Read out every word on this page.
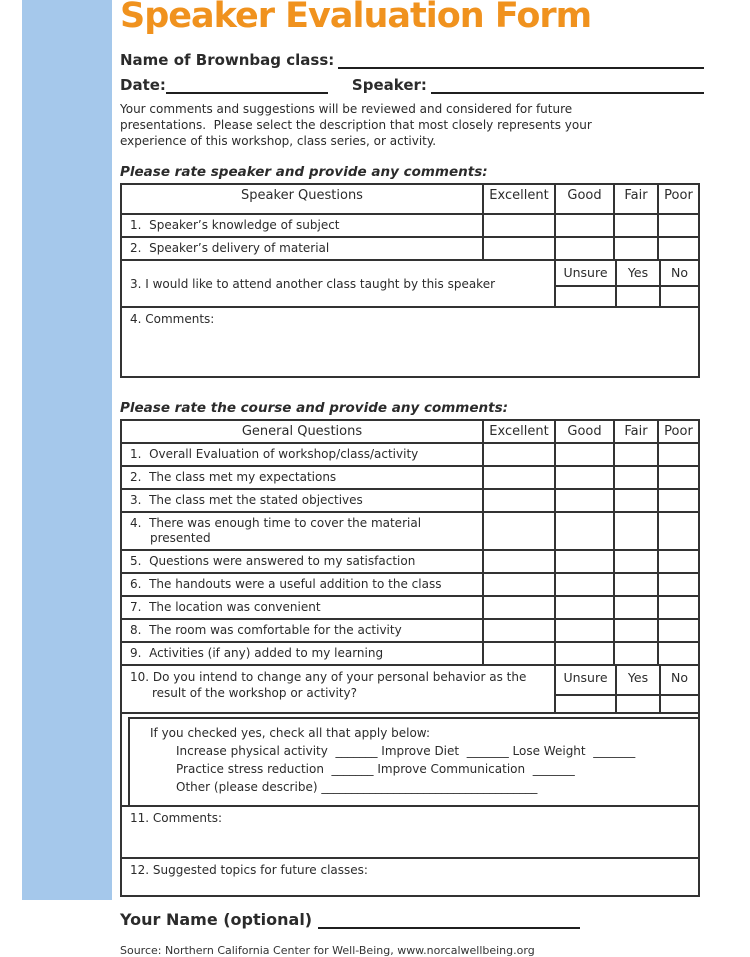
Speaker Evaluation Form
Name of Brownbag class:
Date:	Speaker:
Your comments and suggestions will be reviewed and considered for future
presentations.  Please select the description that most closely represents your
experience of this workshop, class series, or activity.
Please rate speaker and provide any comments:
Speaker Questions	Excellent	Good	Fair	Poor
1.  Speaker’s knowledge of subject
2.  Speaker’s delivery of material
3. I would like to attend another class taught by this speaker
Unsure	Yes	No
4. Comments:
Please rate the course and provide any comments:
General Questions	Excellent	Good	Fair	Poor
1.  Overall Evaluation of workshop/class/activity
2.  The class met my expectations
3.  The class met the stated objectives
4.  There was enough time to cover the material presented
5.  Questions were answered to my satisfaction
6.  The handouts were a useful addition to the class
7.  The location was convenient
8.  The room was comfortable for the activity
9.  Activities (if any) added to my learning
10. Do you intend to change any of your personal behavior as the result of the workshop or activity?
Unsure	Yes	No
If you checked yes, check all that apply below:
Increase physical activity  _______ Improve Diet  _______ Lose Weight  _______
Practice stress reduction  _______ Improve Communication  _______
Other (please describe) ____________________________________
11. Comments:
12. Suggested topics for future classes:
Your Name (optional)
Source: Northern California Center for Well-Being, www.norcalwellbeing.org
